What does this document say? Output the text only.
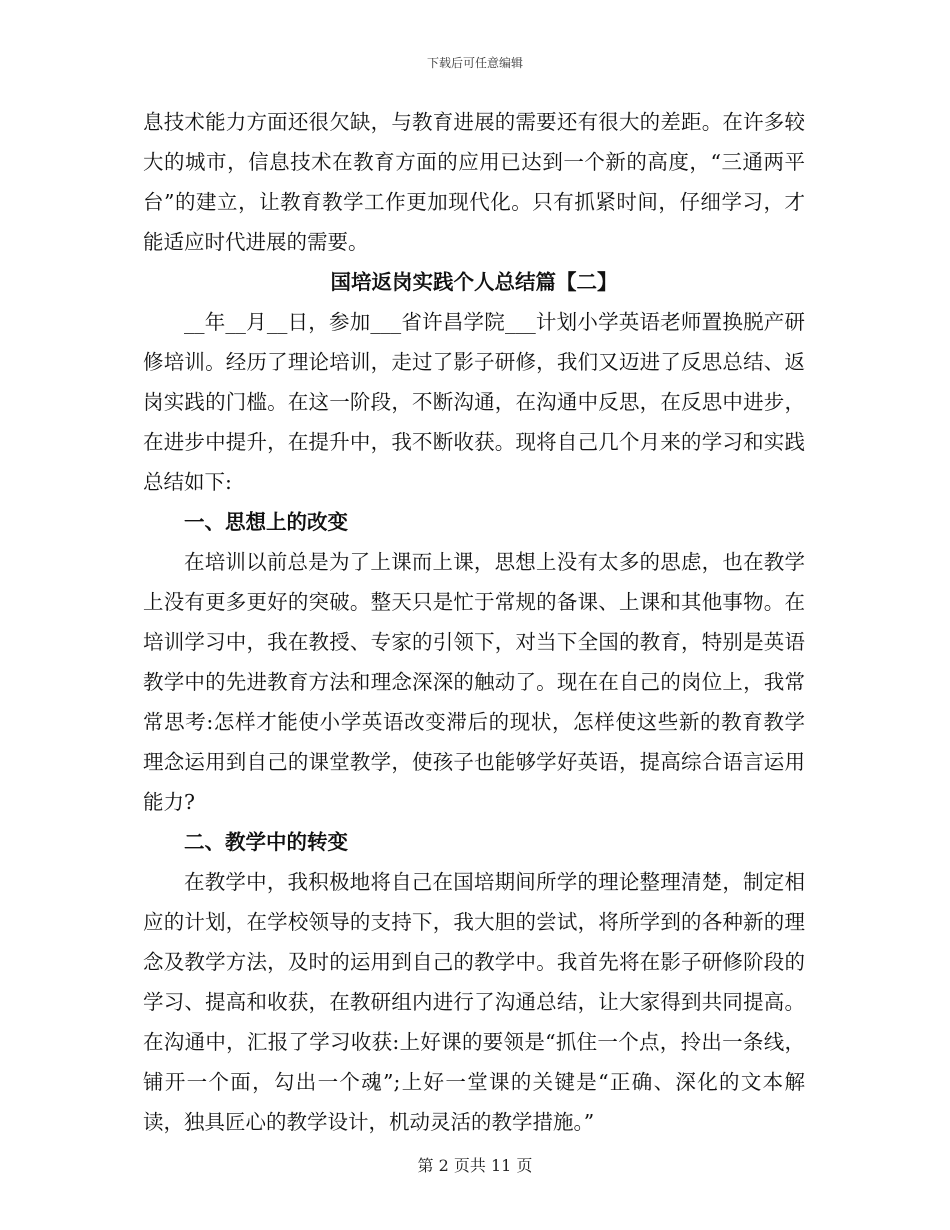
下载后可任意编辑

息技术能力方面还很欠缺，与教育进展的需要还有很大的差距。在许多较大的城市，信息技术在教育方面的应用已达到一个新的高度，“三通两平台”的建立，让教育教学工作更加现代化。只有抓紧时间，仔细学习，才能适应时代进展的需要。

国培返岗实践个人总结篇【二】

__年__月__日，参加___省许昌学院___计划小学英语老师置换脱产研修培训。经历了理论培训，走过了影子研修，我们又迈进了反思总结、返岗实践的门槛。在这一阶段，不断沟通，在沟通中反思，在反思中进步，在进步中提升，在提升中，我不断收获。现将自己几个月来的学习和实践总结如下:

一、思想上的改变

在培训以前总是为了上课而上课，思想上没有太多的思虑，也在教学上没有更多更好的突破。整天只是忙于常规的备课、上课和其他事物。在培训学习中，我在教授、专家的引领下，对当下全国的教育，特别是英语教学中的先进教育方法和理念深深的触动了。现在在自己的岗位上，我常常思考:怎样才能使小学英语改变滞后的现状，怎样使这些新的教育教学理念运用到自己的课堂教学，使孩子也能够学好英语，提高综合语言运用能力?

二、教学中的转变

在教学中，我积极地将自己在国培期间所学的理论整理清楚，制定相应的计划，在学校领导的支持下，我大胆的尝试，将所学到的各种新的理念及教学方法，及时的运用到自己的教学中。我首先将在影子研修阶段的学习、提高和收获，在教研组内进行了沟通总结，让大家得到共同提高。在沟通中，汇报了学习收获:上好课的要领是“抓住一个点，拎出一条线，铺开一个面，勾出一个魂”;上好一堂课的关键是“正确、深化的文本解读，独具匠心的教学设计，机动灵活的教学措施。”

第 2 页共 11 页
